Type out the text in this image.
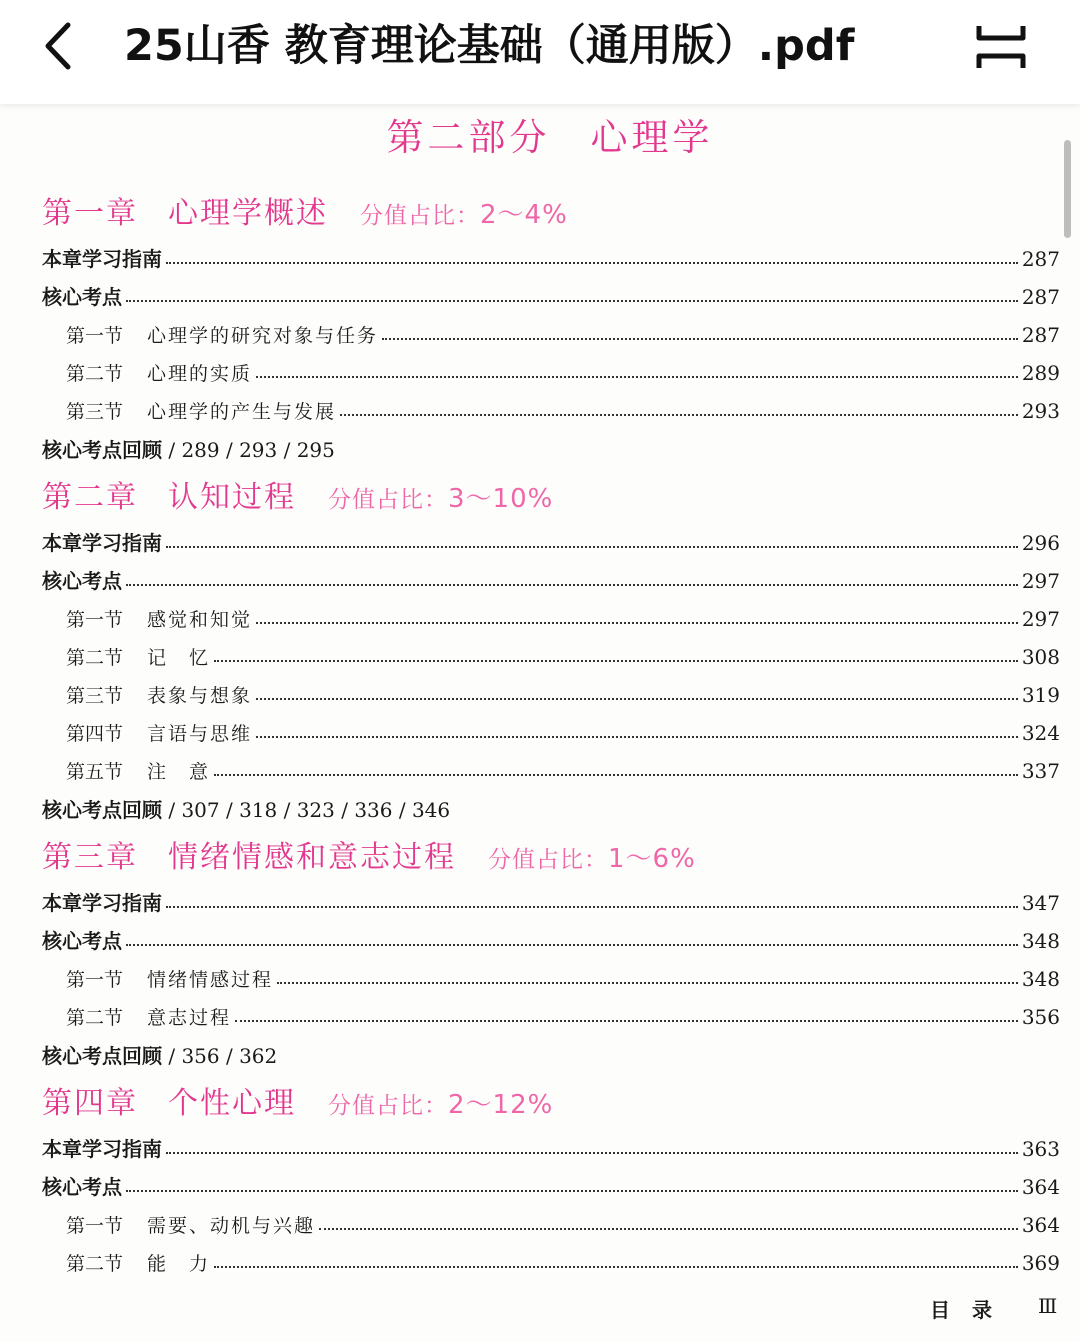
25山香 教育理论基础（通用版）.pdf
第二部分 心理学
第一章 心理学概述 分值占比：2～4%
本章学习指南	287
核心考点	287
第一节 心理学的研究对象与任务	287
第二节 心理的实质	289
第三节 心理学的产生与发展	293
核心考点回顾 / 289 / 293 / 295
第二章 认知过程 分值占比：3～10%
本章学习指南	296
核心考点	297
第一节 感觉和知觉	297
第二节 记　忆	308
第三节 表象与想象	319
第四节 言语与思维	324
第五节 注　意	337
核心考点回顾 / 307 / 318 / 323 / 336 / 346
第三章 情绪情感和意志过程 分值占比：1～6%
本章学习指南	347
核心考点	348
第一节 情绪情感过程	348
第二节 意志过程	356
核心考点回顾 / 356 / 362
第四章 个性心理 分值占比：2～12%
本章学习指南	363
核心考点	364
第一节 需要、动机与兴趣	364
第二节 能　力	369
目录 Ⅲ
